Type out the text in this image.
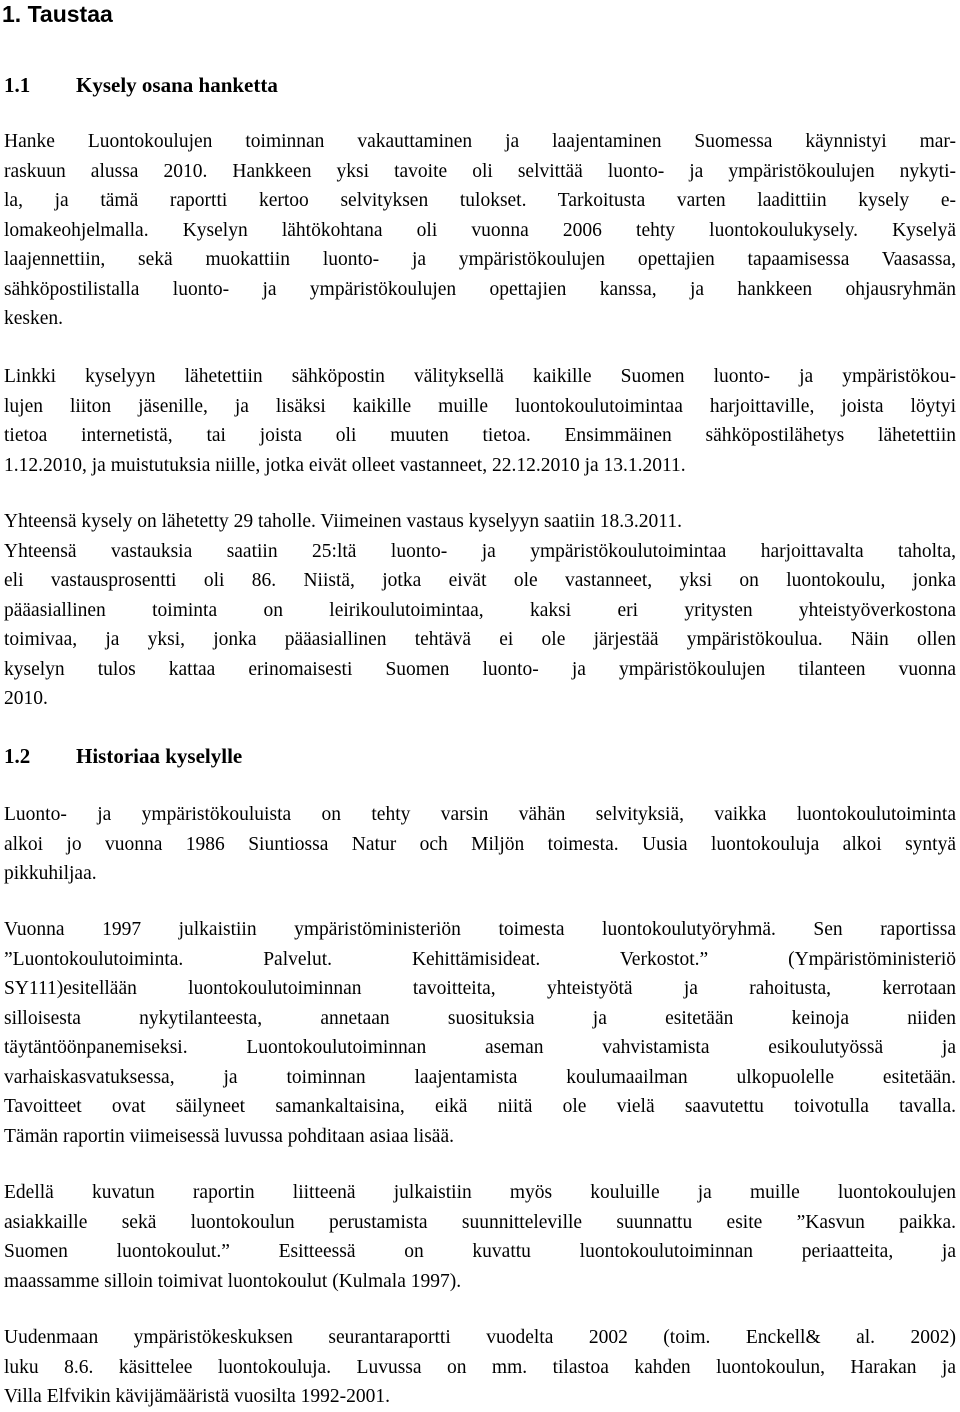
1. Taustaa
1.1 Kysely osana hanketta
Hanke Luontokoulujen toiminnan vakauttaminen ja laajentaminen Suomessa käynnistyi mar-
raskuun alussa 2010. Hankkeen yksi tavoite oli selvittää luonto- ja ympäristökoulujen nykyti-
la, ja tämä raportti kertoo selvityksen tulokset. Tarkoitusta varten laadittiin kysely e-
lomakeohjelmalla. Kyselyn lähtökohtana oli vuonna 2006 tehty luontokoulukysely. Kyselyä
laajennettiin, sekä muokattiin luonto- ja ympäristökoulujen opettajien tapaamisessa Vaasassa,
sähköpostilistalla luonto- ja ympäristökoulujen opettajien kanssa, ja hankkeen ohjausryhmän
kesken.
Linkki kyselyyn lähetettiin sähköpostin välityksellä kaikille Suomen luonto- ja ympäristökou-
lujen liiton jäsenille, ja lisäksi kaikille muille luontokoulutoimintaa harjoittaville, joista löytyi
tietoa internetistä, tai joista oli muuten tietoa. Ensimmäinen sähköpostilähetys lähetettiin
1.12.2010, ja muistutuksia niille, jotka eivät olleet vastanneet, 22.12.2010 ja 13.1.2011.
Yhteensä kysely on lähetetty 29 taholle. Viimeinen vastaus kyselyyn saatiin 18.3.2011.
Yhteensä vastauksia saatiin 25:ltä luonto- ja ympäristökoulutoimintaa harjoittavalta taholta,
eli vastausprosentti oli 86. Niistä, jotka eivät ole vastanneet, yksi on luontokoulu, jonka
pääasiallinen toiminta on leirikoulutoimintaa, kaksi eri yritysten yhteistyöverkostona
toimivaa, ja yksi, jonka pääasiallinen tehtävä ei ole järjestää ympäristökoulua. Näin ollen
kyselyn tulos kattaa erinomaisesti Suomen luonto- ja ympäristökoulujen tilanteen vuonna
2010.
1.2 Historiaa kyselylle
Luonto- ja ympäristökouluista on tehty varsin vähän selvityksiä, vaikka luontokoulutoiminta
alkoi jo vuonna 1986 Siuntiossa Natur och Miljön toimesta. Uusia luontokouluja alkoi syntyä
pikkuhiljaa.
Vuonna 1997 julkaistiin ympäristöministeriön toimesta luontokoulutyöryhmä. Sen raportissa
”Luontokoulutoiminta. Palvelut. Kehittämisideat. Verkostot.” (Ympäristöministeriö
SY111)esitellään luontokoulutoiminnan tavoitteita, yhteistyötä ja rahoitusta, kerrotaan
silloisesta nykytilanteesta, annetaan suosituksia ja esitetään keinoja niiden
täytäntöönpanemiseksi. Luontokoulutoiminnan aseman vahvistamista esikoulutyössä ja
varhaiskasvatuksessa, ja toiminnan laajentamista koulumaailman ulkopuolelle esitetään.
Tavoitteet ovat säilyneet samankaltaisina, eikä niitä ole vielä saavutettu toivotulla tavalla.
Tämän raportin viimeisessä luvussa pohditaan asiaa lisää.
Edellä kuvatun raportin liitteenä julkaistiin myös kouluille ja muille luontokoulujen
asiakkaille sekä luontokoulun perustamista suunnitteleville suunnattu esite ”Kasvun paikka.
Suomen luontokoulut.” Esitteessä on kuvattu luontokoulutoiminnan periaatteita, ja
maassamme silloin toimivat luontokoulut (Kulmala 1997).
Uudenmaan ympäristökeskuksen seurantaraportti vuodelta 2002 (toim. Enckell& al. 2002)
luku 8.6. käsittelee luontokouluja. Luvussa on mm. tilastoa kahden luontokoulun, Harakan ja
Villa Elfvikin kävijämääristä vuosilta 1992-2001.
